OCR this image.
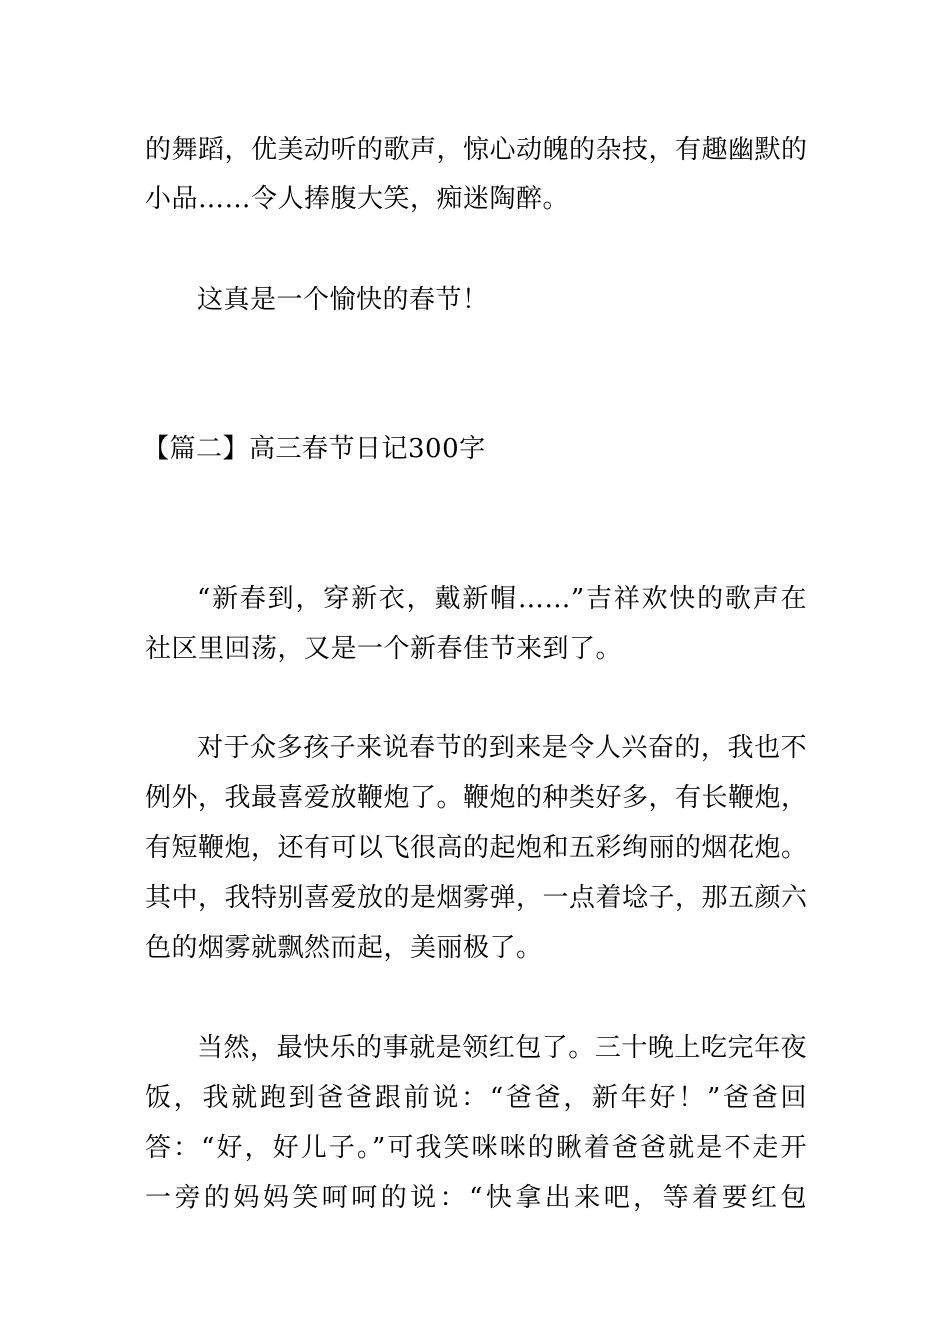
的舞蹈，优美动听的歌声，惊心动魄的杂技，有趣幽默的
小品……令人捧腹大笑，痴迷陶醉。
这真是一个愉快的春节！
【篇二】高三春节日记300字
“新春到，穿新衣，戴新帽……”吉祥欢快的歌声在
社区里回荡，又是一个新春佳节来到了。
对于众多孩子来说春节的到来是令人兴奋的，我也不
例外，我最喜爱放鞭炮了。鞭炮的种类好多，有长鞭炮，
有短鞭炮，还有可以飞很高的起炮和五彩绚丽的烟花炮。
其中，我特别喜爱放的是烟雾弹，一点着埝子，那五颜六
色的烟雾就飘然而起，美丽极了。
当然，最快乐的事就是领红包了。三十晚上吃完年夜
饭，我就跑到爸爸跟前说：“爸爸，新年好！”爸爸回
答：“好，好儿子。”可我笑咪咪的瞅着爸爸就是不走开
一旁的妈妈笑呵呵的说：“快拿出来吧，等着要红包
